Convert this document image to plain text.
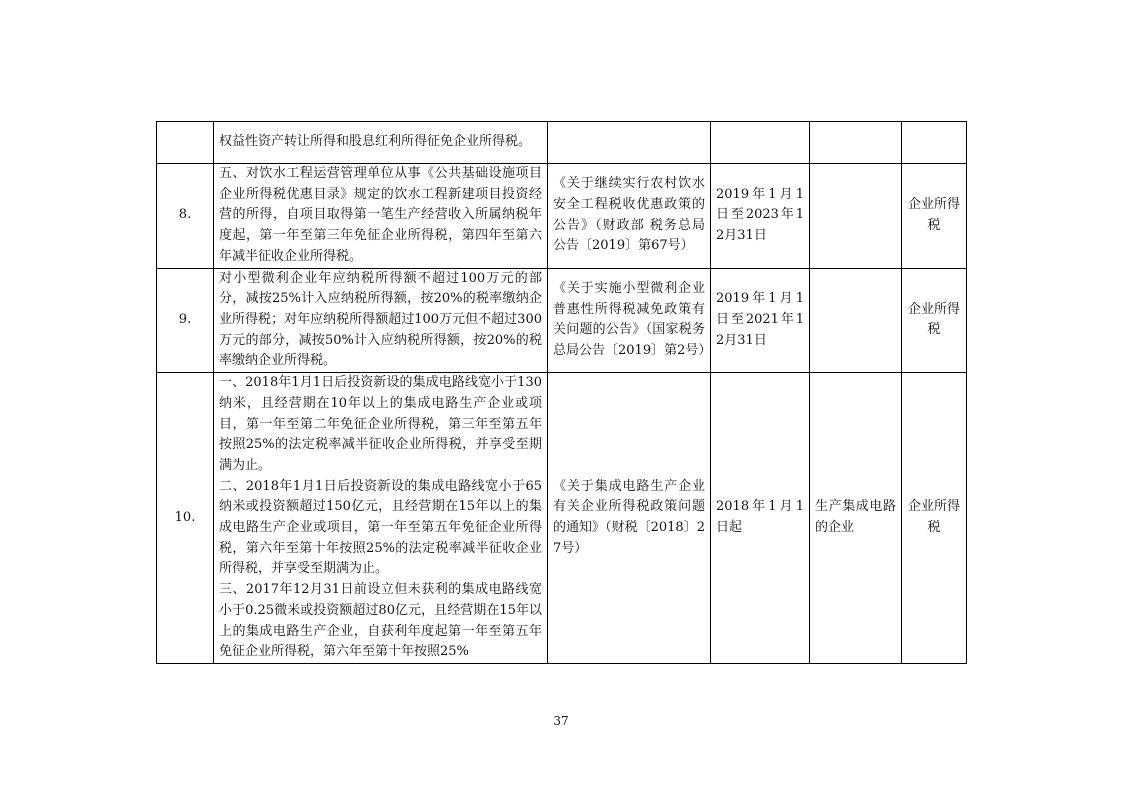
	权益性资产转让所得和股息红利所得征免企业所得税。				

8.	五、对饮水工程运营管理单位从事《公共基础设施项目企业所得税优惠目录》规定的饮水工程新建项目投资经营的所得，自项目取得第一笔生产经营收入所属纳税年度起，第一年至第三年免征企业所得税，第四年至第六年减半征收企业所得税。	《关于继续实行农村饮水安全工程税收优惠政策的公告》（财政部 税务总局公告〔2019〕第67号）	2019年1月1日至2023年12月31日		企业所得税
9.	对小型微利企业年应纳税所得额不超过100万元的部分，减按25%计入应纳税所得额，按20%的税率缴纳企业所得税；对年应纳税所得额超过100万元但不超过300万元的部分，减按50%计入应纳税所得额，按20%的税率缴纳企业所得税。	《关于实施小型微利企业普惠性所得税减免政策有关问题的公告》（国家税务总局公告〔2019〕第2号）	2019年1月1日至2021年12月31日		企业所得税
10.	一、2018年1月1日后投资新设的集成电路线宽小于130纳米，且经营期在10年以上的集成电路生产企业或项目，第一年至第二年免征企业所得税，第三年至第五年按照25%的法定税率减半征收企业所得税，并享受至期满为止。
二、2018年1月1日后投资新设的集成电路线宽小于65纳米或投资额超过150亿元，且经营期在15年以上的集成电路生产企业或项目，第一年至第五年免征企业所得税，第六年至第十年按照25%的法定税率减半征收企业所得税，并享受至期满为止。
三、2017年12月31日前设立但未获利的集成电路线宽小于0.25微米或投资额超过80亿元，且经营期在15年以上的集成电路生产企业，自获利年度起第一年至第五年免征企业所得税，第六年至第十年按照25%	《关于集成电路生产企业有关企业所得税政策问题的通知》（财税〔2018〕27号）	2018年1月1日起	生产集成电路的企业	企业所得税
37
